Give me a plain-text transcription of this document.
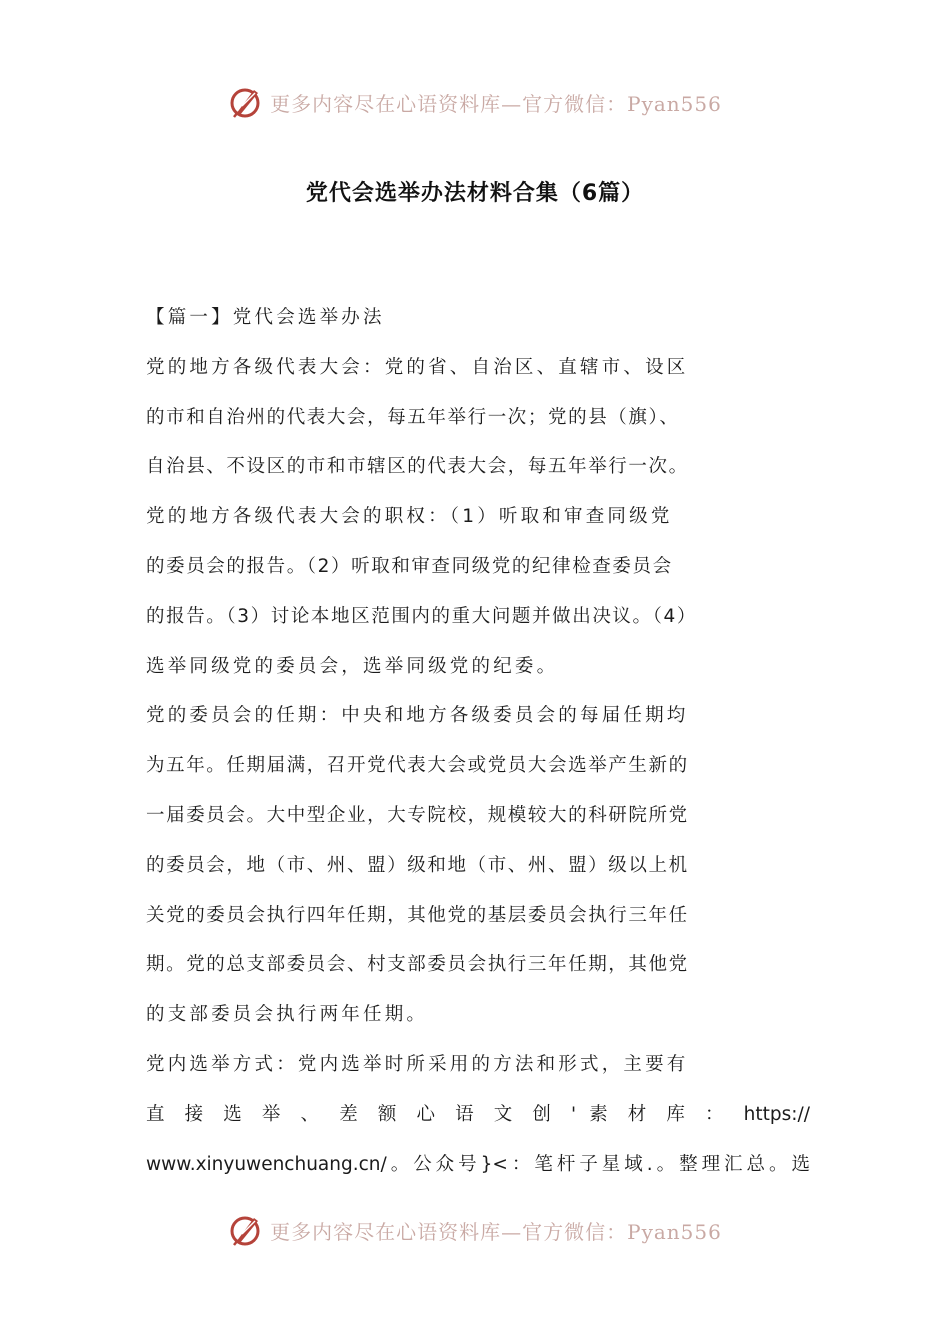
更多内容尽在心语资料库—官方微信：Pyan556
党代会选举办法材料合集（6篇）
【篇一】党代会选举办法
党的地方各级代表大会：党的省、自治区、直辖市、设区
的市和自治州的代表大会，每五年举行一次；党的县（旗）、
自治县、不设区的市和市辖区的代表大会，每五年举行一次。
党的地方各级代表大会的职权：（1）听取和审查同级党
的委员会的报告。（2）听取和审查同级党的纪律检查委员会
的报告。（3）讨论本地区范围内的重大问题并做出决议。（4）
选举同级党的委员会，选举同级党的纪委。
党的委员会的任期：中央和地方各级委员会的每届任期均
为五年。任期届满，召开党代表大会或党员大会选举产生新的
一届委员会。大中型企业，大专院校，规模较大的科研院所党
的委员会，地（市、州、盟）级和地（市、州、盟）级以上机
关党的委员会执行四年任期，其他党的基层委员会执行三年任
期。党的总支部委员会、村支部委员会执行三年任期，其他党
的支部委员会执行两年任期。
党内选举方式：党内选举时所采用的方法和形式，主要有
直 接 选 举 、 差 额 心 语 文 创 ' 素 材 库 ： https://
www.xinyuwenchuang.cn/。公众号}<：笔杆子星域.。整理汇总。选
更多内容尽在心语资料库—官方微信：Pyan556
